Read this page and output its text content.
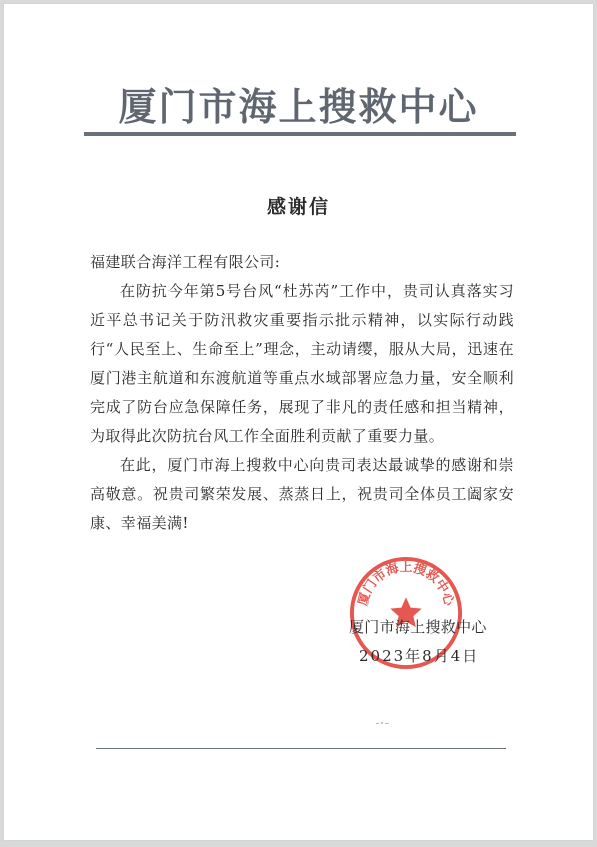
厦门市海上搜救中心
感谢信

福建联合海洋工程有限公司:

在防抗今年第5号台风“杜苏芮”工作中，贵司认真落实习近平总书记关于防汛救灾重要指示批示精神，以实际行动践行“人民至上、生命至上”理念，主动请缨，服从大局，迅速在厦门港主航道和东渡航道等重点水域部署应急力量，安全顺利完成了防台应急保障任务，展现了非凡的责任感和担当精神，为取得此次防抗台风工作全面胜利贡献了重要力量。

在此，厦门市海上搜救中心向贵司表达最诚挚的感谢和崇高敬意。祝贵司繁荣发展、蒸蒸日上，祝贵司全体员工阖家安康、幸福美满!

厦门市海上搜救中心
厦门市海上搜救中心
2023年8月4日
